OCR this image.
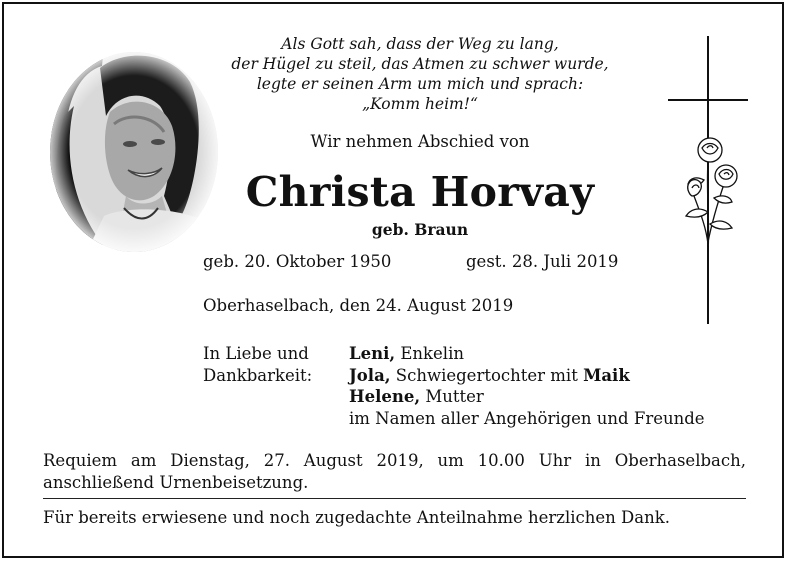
Als Gott sah, dass der Weg zu lang,
der Hügel zu steil, das Atmen zu schwer wurde,
legte er seinen Arm um mich und sprach:
„Komm heim!“
Wir nehmen Abschied von
Christa Horvay
geb. Braun
geb. 20. Oktober 1950	gest. 28. Juli 2019
Oberhaselbach, den 24. August 2019
In Liebe und
Dankbarkeit:
Leni, Enkelin
Jola, Schwiegertochter mit Maik
Helene, Mutter
im Namen aller Angehörigen und Freunde
Requiem am Dienstag, 27. August 2019, um 10.00 Uhr in Oberhaselbach, anschließend Urnenbeisetzung.
Für bereits erwiesene und noch zugedachte Anteilnahme herzlichen Dank.
